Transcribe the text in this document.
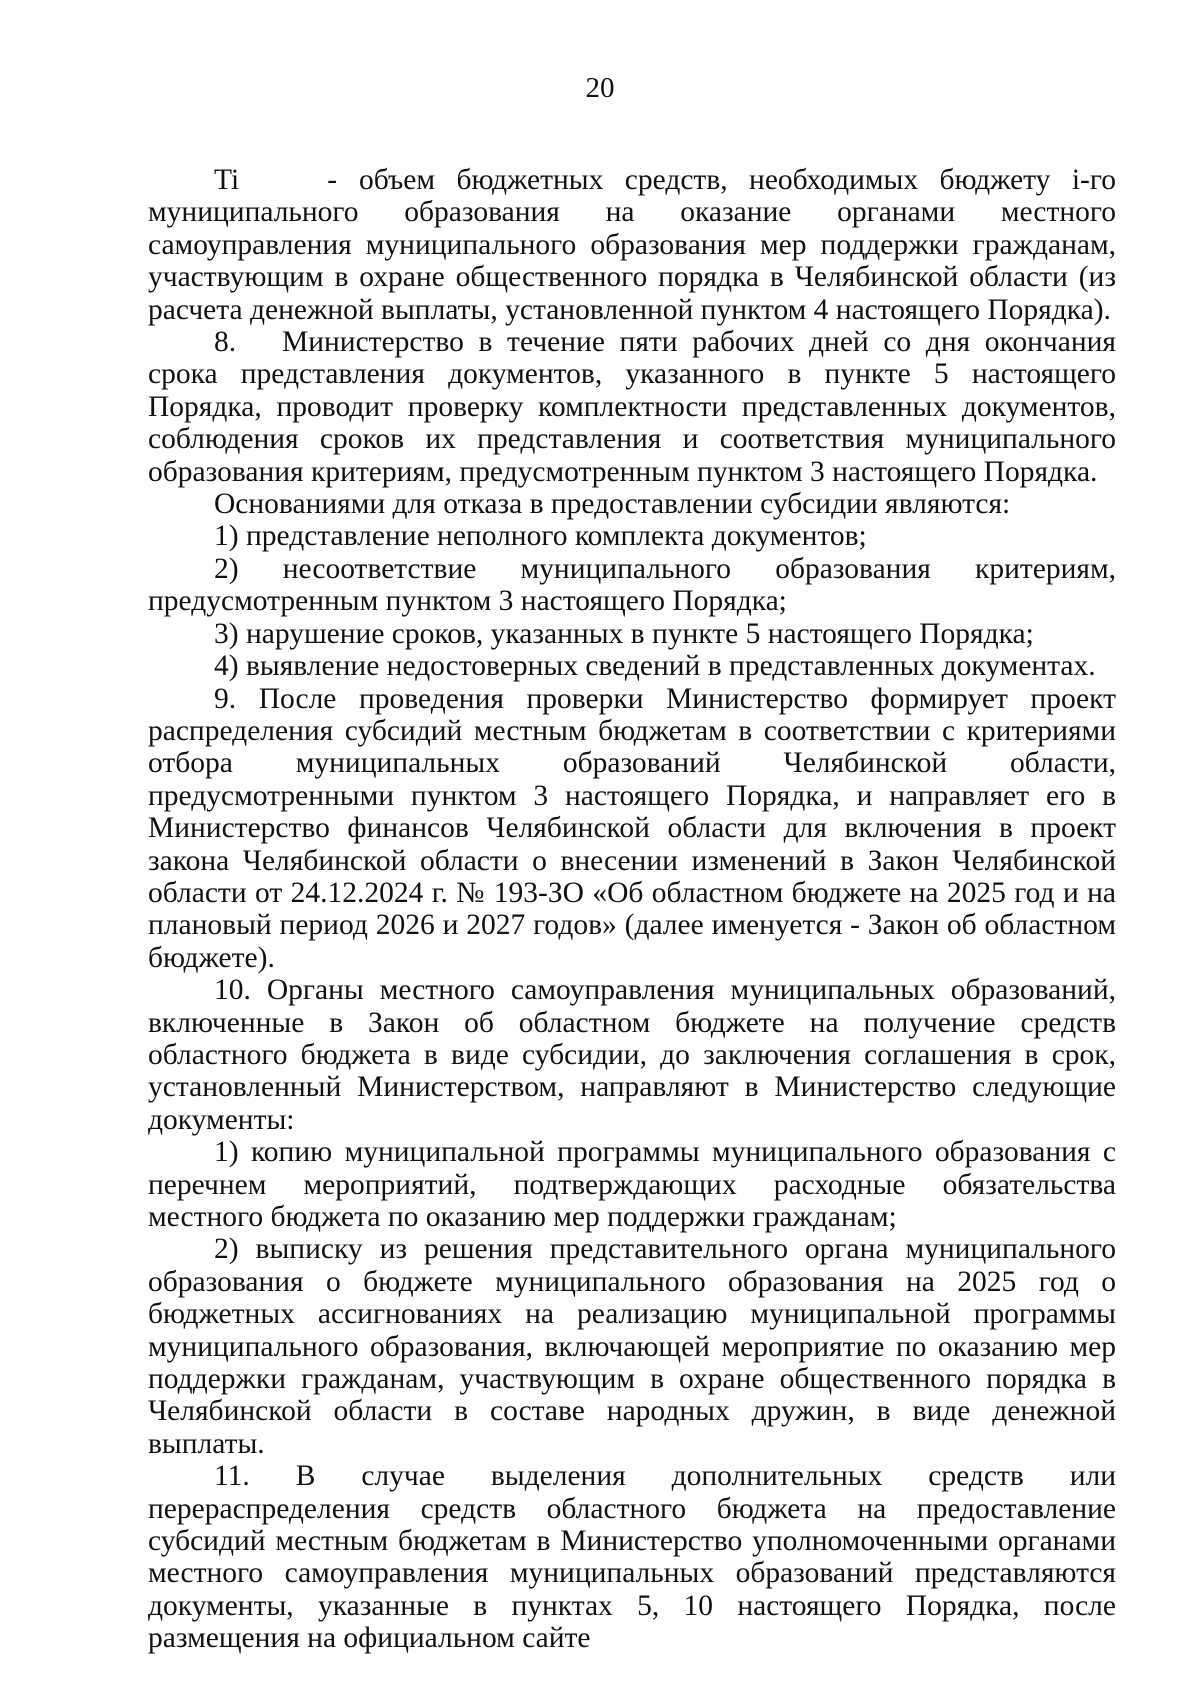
20

Ti	- объем бюджетных средств, необходимых бюджету i-го муниципального образования на оказание органами местного самоуправления муниципального образования мер поддержки гражданам, участвующим в охране общественного порядка в Челябинской области (из расчета денежной выплаты, установленной пунктом 4 настоящего Порядка).

8. Министерство в течение пяти рабочих дней со дня окончания срока представления документов, указанного в пункте 5 настоящего Порядка, проводит проверку комплектности представленных документов, соблюдения сроков их представления и соответствия муниципального образования критериям, предусмотренным пунктом 3 настоящего Порядка.

Основаниями для отказа в предоставлении субсидии являются:

1) представление неполного комплекта документов;

2) несоответствие муниципального образования критериям, предусмотренным пунктом 3 настоящего Порядка;

3) нарушение сроков, указанных в пункте 5 настоящего Порядка;

4) выявление недостоверных сведений в представленных документах.

9. После проведения проверки Министерство формирует проект распределения субсидий местным бюджетам в соответствии с критериями отбора муниципальных образований Челябинской области, предусмотренными пунктом 3 настоящего Порядка, и направляет его в Министерство финансов Челябинской области для включения в проект закона Челябинской области о внесении изменений в Закон Челябинской области от 24.12.2024 г. № 193-ЗО «Об областном бюджете на 2025 год и на плановый период 2026 и 2027 годов» (далее именуется - Закон об областном бюджете).

10. Органы местного самоуправления муниципальных образований, включенные в Закон об областном бюджете на получение средств областного бюджета в виде субсидии, до заключения соглашения в срок, установленный Министерством, направляют в Министерство следующие документы:

1) копию муниципальной программы муниципального образования с перечнем мероприятий, подтверждающих расходные обязательства местного бюджета по оказанию мер поддержки гражданам;

2) выписку из решения представительного органа муниципального образования о бюджете муниципального образования на 2025 год о бюджетных ассигнованиях на реализацию муниципальной программы муниципального образования, включающей мероприятие по оказанию мер поддержки гражданам, участвующим в охране общественного порядка в Челябинской области в составе народных дружин, в виде денежной выплаты.

11. В случае выделения дополнительных средств или перераспределения средств областного бюджета на предоставление субсидий местным бюджетам в Министерство уполномоченными органами местного самоуправления муниципальных образований представляются документы, указанные в пунктах 5, 10 настоящего Порядка, после размещения на официальном сайте
